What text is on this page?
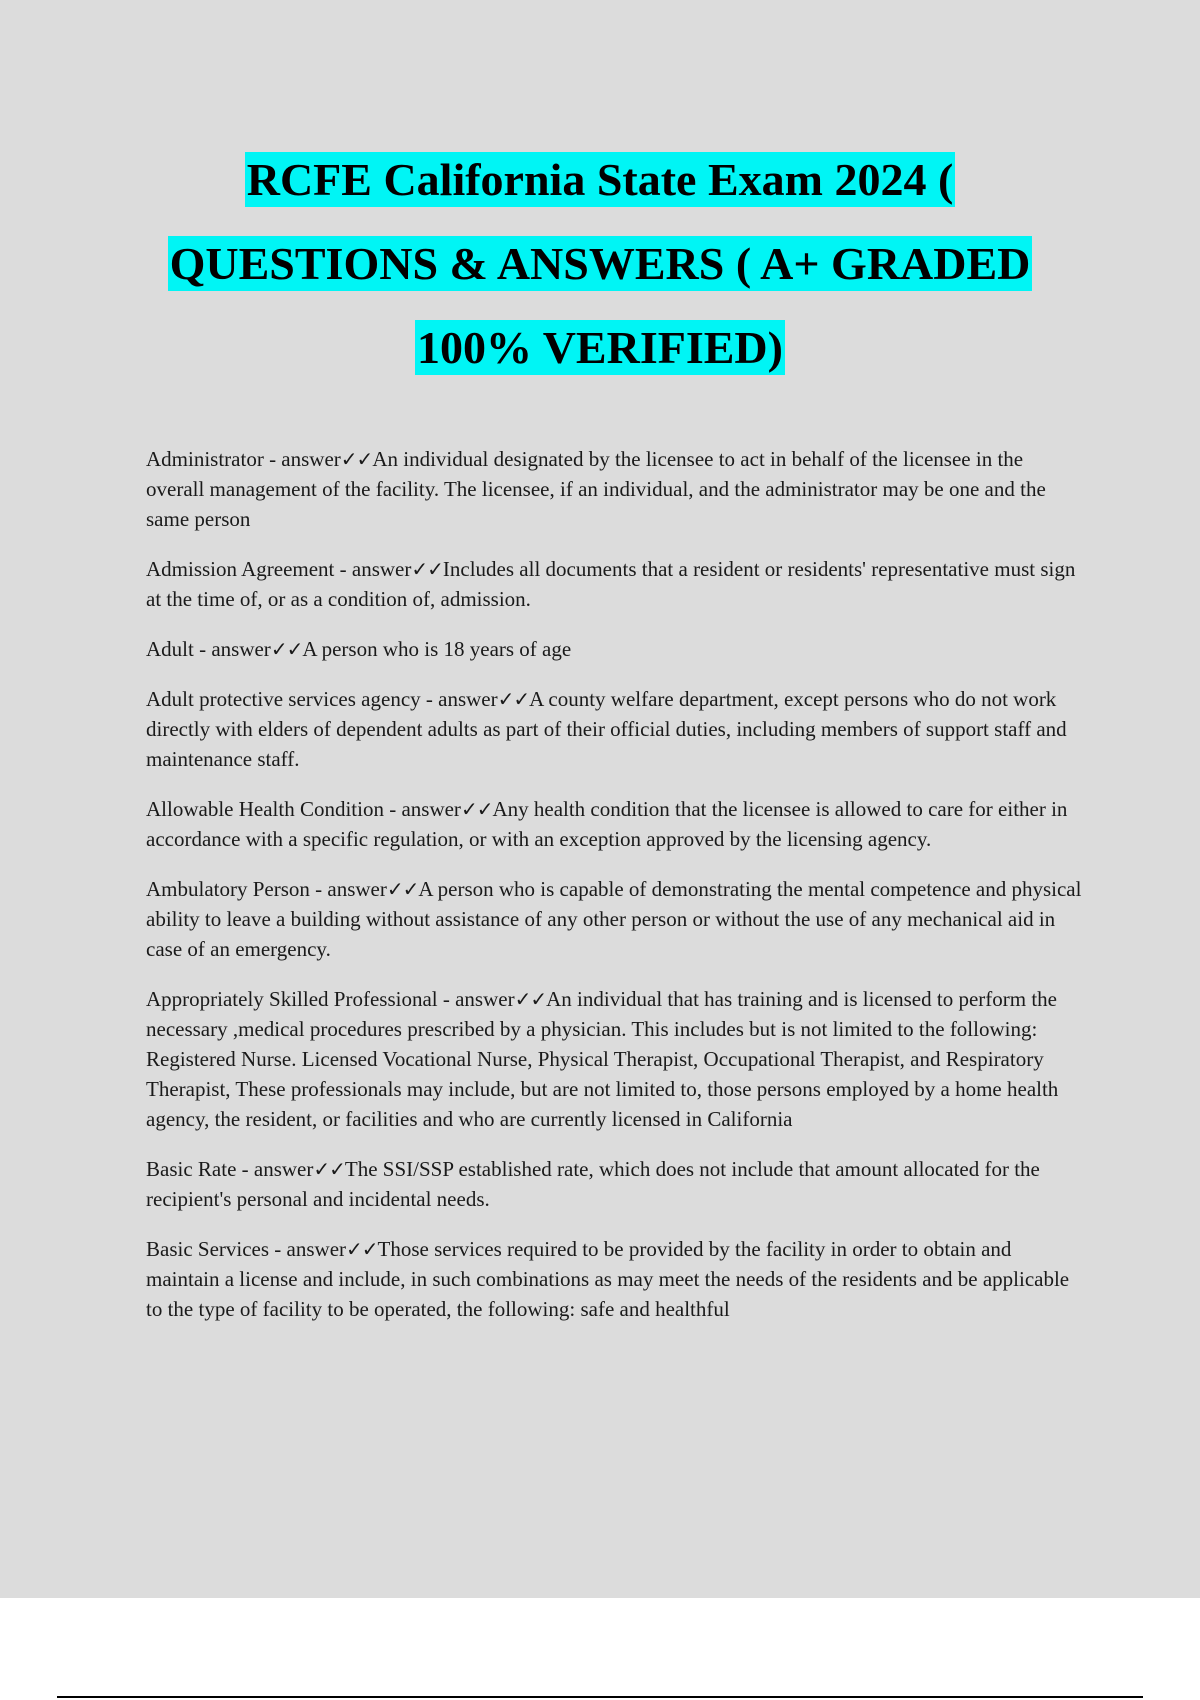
RCFE California State Exam 2024 (
QUESTIONS & ANSWERS ( A+ GRADED
100% VERIFIED)

Administrator - answer✓✓An individual designated by the licensee to act in behalf of the licensee in the overall management of the facility. The licensee, if an individual, and the administrator may be one and the same person

Admission Agreement - answer✓✓Includes all documents that a resident or residents' representative must sign at the time of, or as a condition of, admission.

Adult - answer✓✓A person who is 18 years of age

Adult protective services agency - answer✓✓A county welfare department, except persons who do not work directly with elders of dependent adults as part of their official duties, including members of support staff and maintenance staff.

Allowable Health Condition - answer✓✓Any health condition that the licensee is allowed to care for either in accordance with a specific regulation, or with an exception approved by the licensing agency.

Ambulatory Person - answer✓✓A person who is capable of demonstrating the mental competence and physical ability to leave a building without assistance of any other person or without the use of any mechanical aid in case of an emergency.

Appropriately Skilled Professional - answer✓✓An individual that has training and is licensed to perform the necessary ,medical procedures prescribed by a physician. This includes but is not limited to the following: Registered Nurse. Licensed Vocational Nurse, Physical Therapist, Occupational Therapist, and Respiratory Therapist, These professionals may include, but are not limited to, those persons employed by a home health agency, the resident, or facilities and who are currently licensed in California

Basic Rate - answer✓✓The SSI/SSP established rate, which does not include that amount allocated for the recipient's personal and incidental needs.

Basic Services - answer✓✓Those services required to be provided by the facility in order to obtain and maintain a license and include, in such combinations as may meet the needs of the residents and be applicable to the type of facility to be operated, the following: safe and healthful
